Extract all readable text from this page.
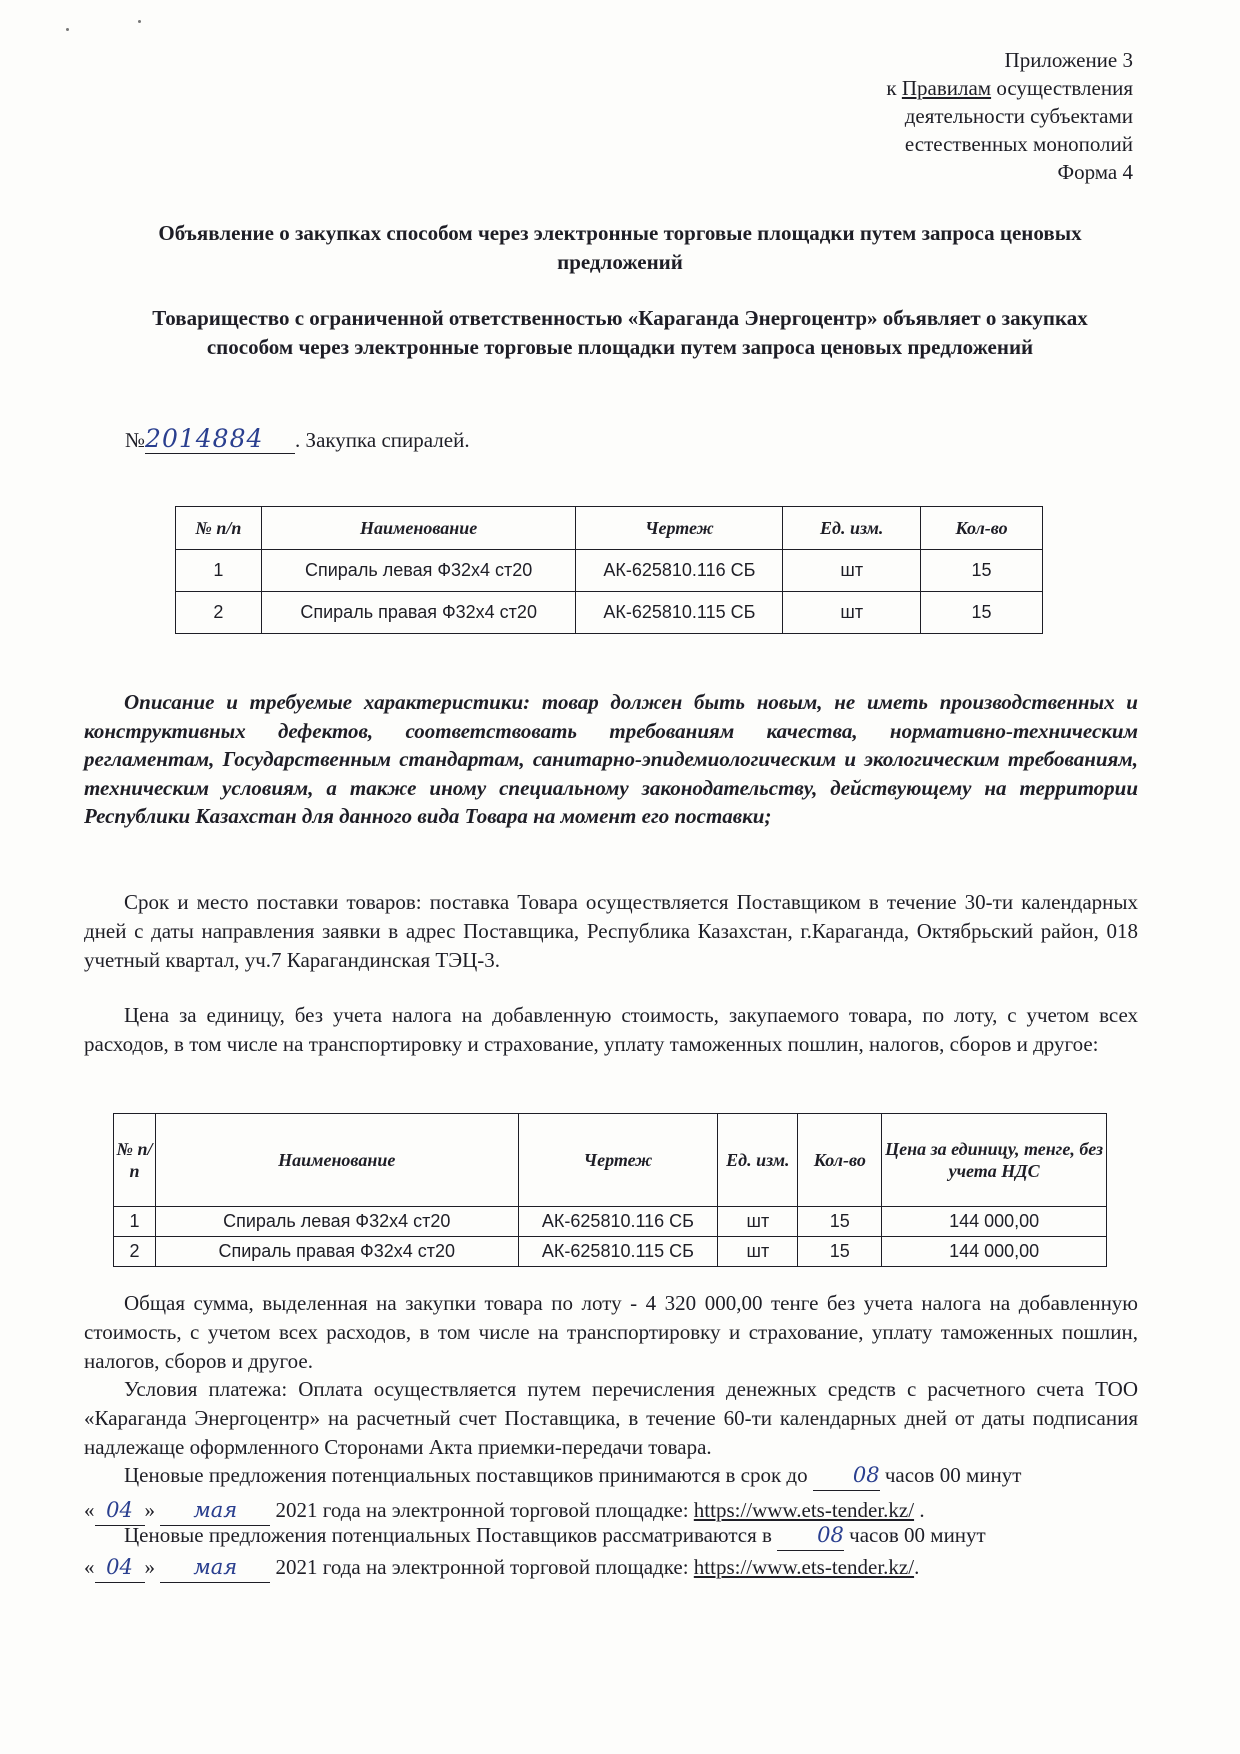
Приложение 3
к Правилам осуществления
деятельности субъектами
естественных монополий
Форма 4
Объявление о закупках способом через электронные торговые площадки путем запроса ценовых предложений
Товарищество с ограниченной ответственностью «Караганда Энергоцентр» объявляет о закупках способом через электронные торговые площадки путем запроса ценовых предложений
№2014884 . Закупка спиралей.
№ п/п	Наименование	Чертеж	Ед. изм.	Кол-во
1	Спираль левая Ф32х4 ст20	АК-625810.116 СБ	шт	15
2	Спираль правая Ф32х4 ст20	АК-625810.115 СБ	шт	15
Описание и требуемые характеристики: товар должен быть новым, не иметь производственных и конструктивных дефектов, соответствовать требованиям качества, нормативно-техническим регламентам, Государственным стандартам, санитарно-эпидемиологическим и экологическим требованиям, техническим условиям, а также иному специальному законодательству, действующему на территории Республики Казахстан для данного вида Товара на момент его поставки;
Срок и место поставки товаров: поставка Товара осуществляется Поставщиком в течение 30-ти календарных дней с даты направления заявки в адрес Поставщика, Республика Казахстан, г.Караганда, Октябрьский район, 018 учетный квартал, уч.7 Карагандинская ТЭЦ-3.
Цена за единицу, без учета налога на добавленную стоимость, закупаемого товара, по лоту, с учетом всех расходов, в том числе на транспортировку и страхование, уплату таможенных пошлин, налогов, сборов и другое:
№ п/п	Наименование	Чертеж	Ед. изм.	Кол-во	Цена за единицу, тенге, без учета НДС
1	Спираль левая Ф32х4 ст20	АК-625810.116 СБ	шт	15	144 000,00
2	Спираль правая Ф32х4 ст20	АК-625810.115 СБ	шт	15	144 000,00
Общая сумма, выделенная на закупки товара по лоту - 4 320 000,00 тенге без учета налога на добавленную стоимость, с учетом всех расходов, в том числе на транспортировку и страхование, уплату таможенных пошлин, налогов, сборов и другое.
Условия платежа: Оплата осуществляется путем перечисления денежных средств с расчетного счета ТОО «Караганда Энергоцентр» на расчетный счет Поставщика, в течение 60-ти календарных дней от даты подписания надлежаще оформленного Сторонами Акта приемки-передачи товара.
Ценовые предложения потенциальных поставщиков принимаются в срок до 08 часов 00 минут
« 04 » мая 2021 года на электронной торговой площадке: https://www.ets-tender.kz/ .
Ценовые предложения потенциальных Поставщиков рассматриваются в 08 часов 00 минут
« 04 » мая 2021 года на электронной торговой площадке: https://www.ets-tender.kz/.
